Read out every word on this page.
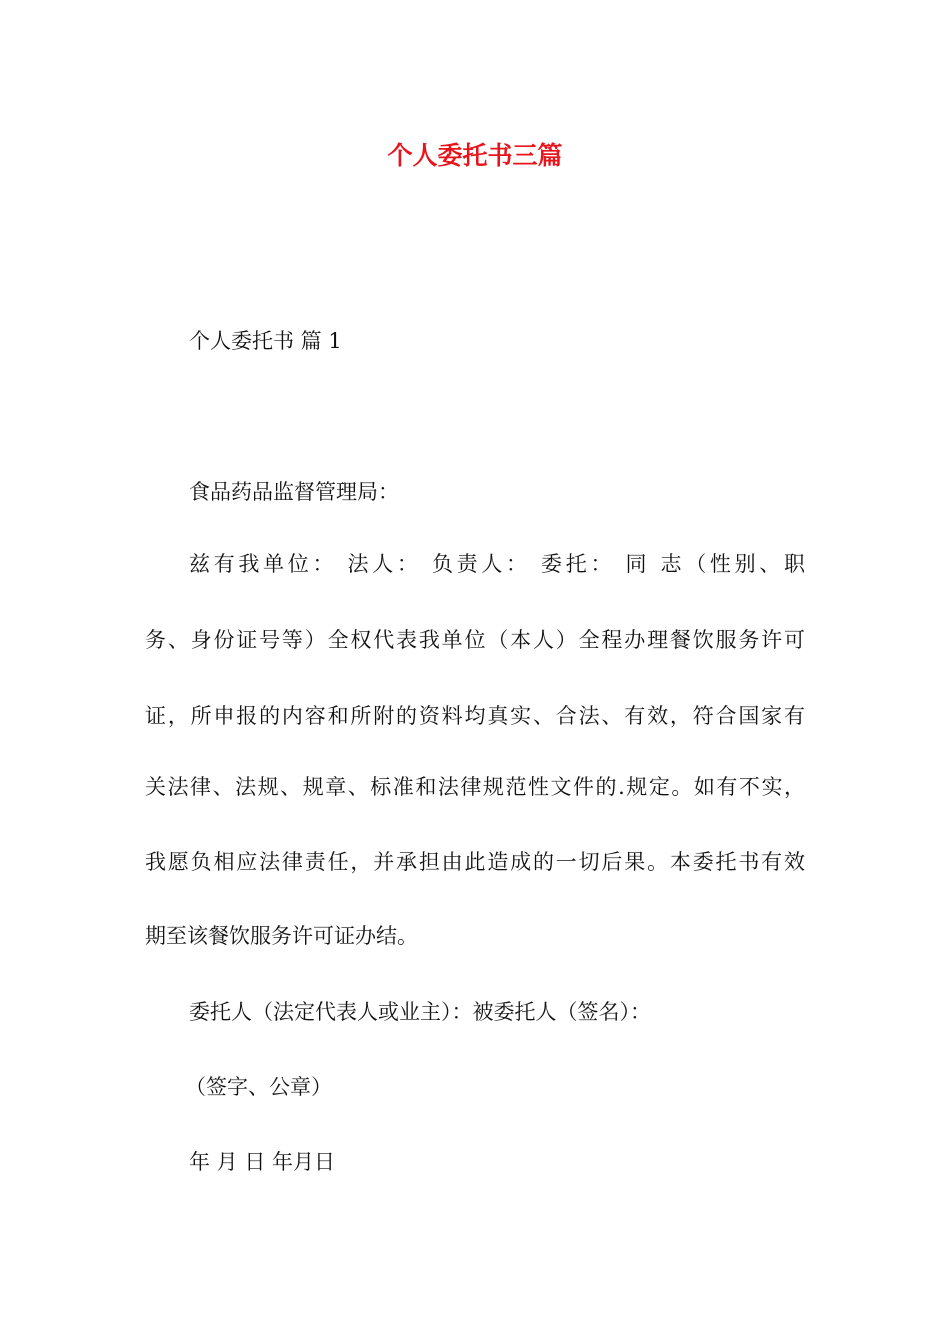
个人委托书三篇
个人委托书 篇 1
食品药品监督管理局：
兹有我单位： 法人： 负责人： 委托： 同 志（性别、职
务、身份证号等）全权代表我单位（本人）全程办理餐饮服务许可
证，所申报的内容和所附的资料均真实、合法、有效，符合国家有
关法律、法规、规章、标准和法律规范性文件的.规定。如有不实，
我愿负相应法律责任，并承担由此造成的一切后果。本委托书有效
期至该餐饮服务许可证办结。
委托人（法定代表人或业主）：被委托人（签名）：
（签字、公章）
年 月 日 年月日
